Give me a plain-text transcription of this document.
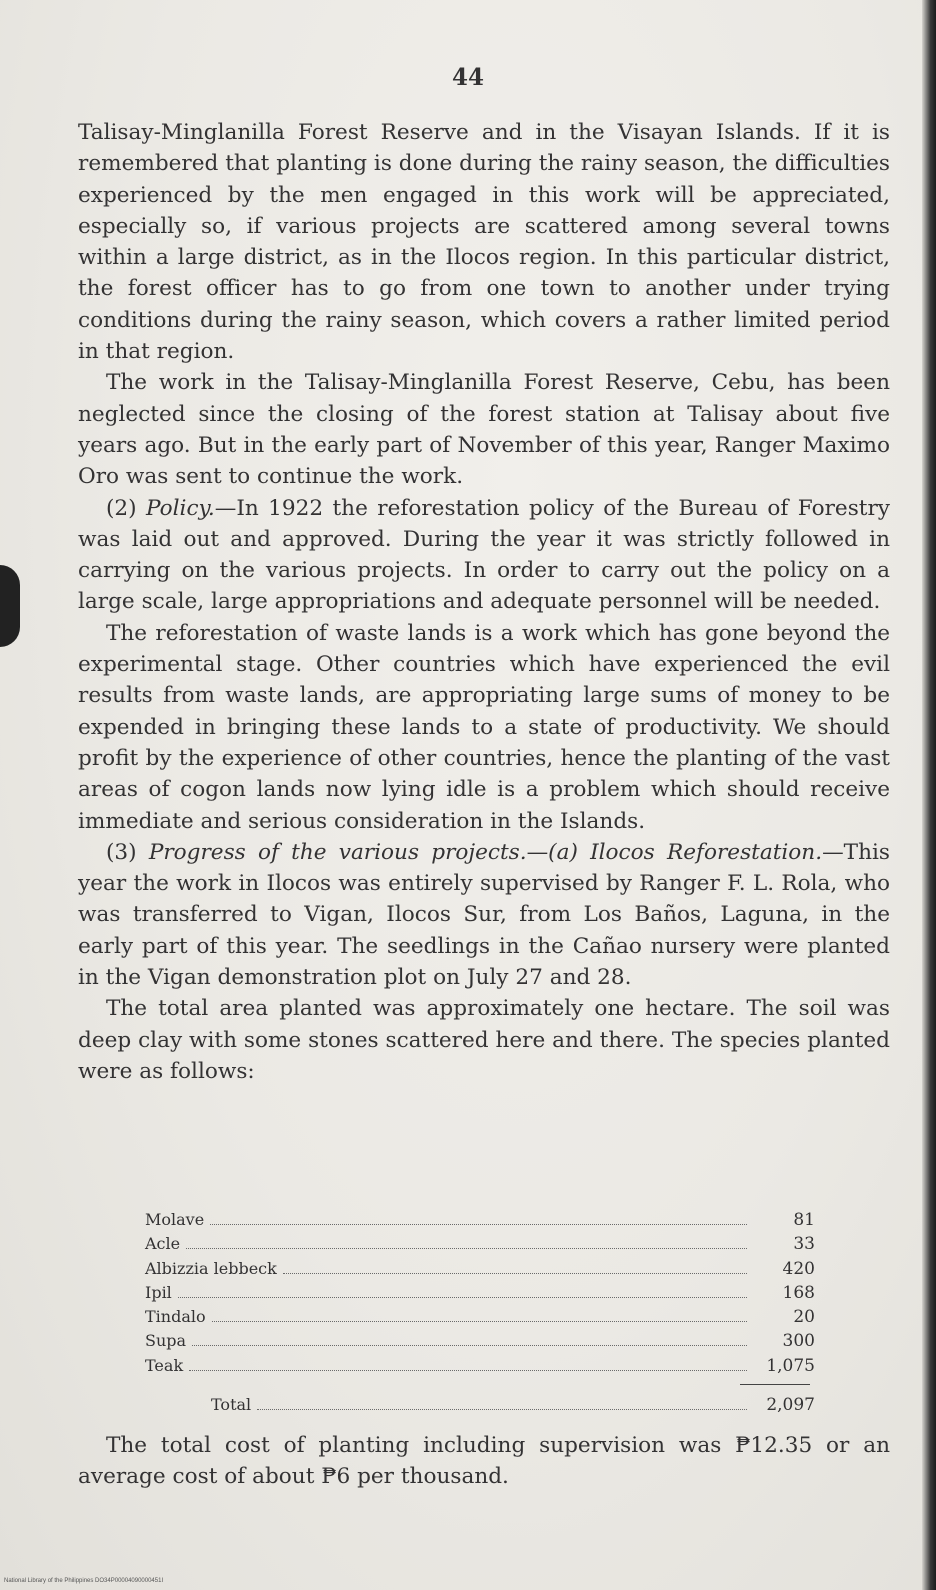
44

Talisay-Minglanilla Forest Reserve and in the Visayan Islands. If it is remembered that planting is done during the rainy season, the difficulties experienced by the men engaged in this work will be appreciated, especially so, if various projects are scattered among several towns within a large district, as in the Ilocos region. In this particular district, the forest officer has to go from one town to another under trying conditions during the rainy season, which covers a rather limited period in that region.

The work in the Talisay-Minglanilla Forest Reserve, Cebu, has been neglected since the closing of the forest station at Talisay about five years ago. But in the early part of November of this year, Ranger Maximo Oro was sent to continue the work.

(2) Policy.—In 1922 the reforestation policy of the Bureau of Forestry was laid out and approved. During the year it was strictly followed in carrying on the various projects. In order to carry out the policy on a large scale, large appropriations and adequate personnel will be needed.

The reforestation of waste lands is a work which has gone beyond the experimental stage. Other countries which have experienced the evil results from waste lands, are appropriating large sums of money to be expended in bringing these lands to a state of productivity. We should profit by the experience of other countries, hence the planting of the vast areas of cogon lands now lying idle is a problem which should receive immediate and serious consideration in the Islands.

(3) Progress of the various projects.—(a) Ilocos Reforestation.—This year the work in Ilocos was entirely supervised by Ranger F. L. Rola, who was transferred to Vigan, Ilocos Sur, from Los Baños, Laguna, in the early part of this year. The seedlings in the Cañao nursery were planted in the Vigan demonstration plot on July 27 and 28.

The total area planted was approximately one hectare. The soil was deep clay with some stones scattered here and there. The species planted were as follows:

Molave	81
Acle	33
Albizzia lebbeck	420
Ipil	168
Tindalo	20
Supa	300
Teak	1,075
Total	2,097

The total cost of planting including supervision was ₱12.35 or an average cost of about ₱6 per thousand.

National Library of the Philippines DO34P00004090000451I
